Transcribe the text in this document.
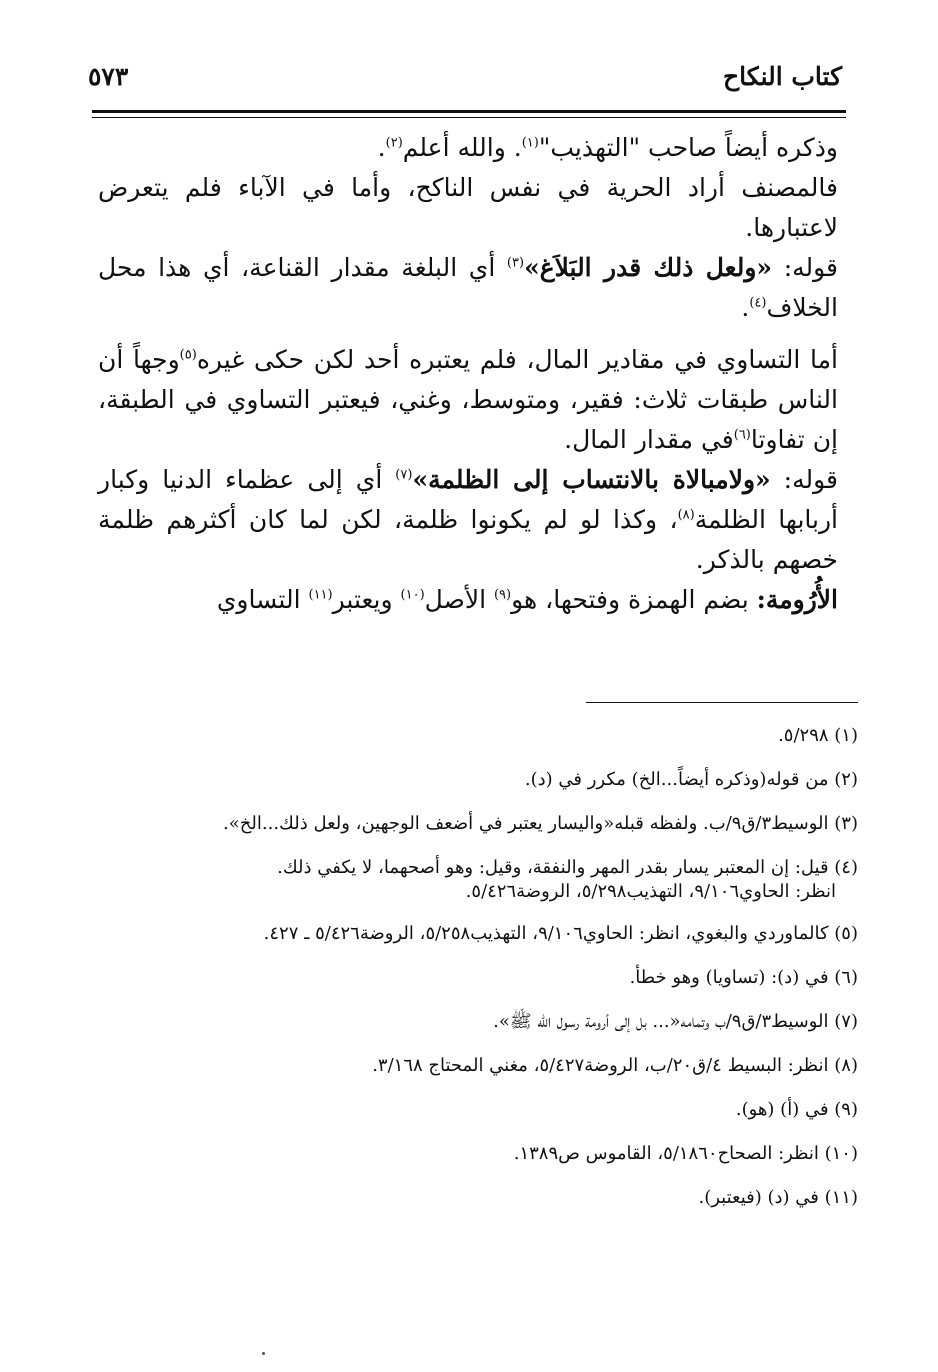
كتاب النكاح
٥٧٣

وذكره أيضاً صاحب "التهذيب"$^{(١)}$. والله أعلم$^{(٢)}$.

فالمصنف أراد الحرية في نفس الناكح، وأما في الآباء فلم يتعرض لاعتبارها.

قوله: «ولعل ذلك قدر البَلاَغ»$^{(٣)}$ أي البلغة مقدار القناعة، أي هذا محل الخلاف$^{(٤)}$.

أما التساوي في مقادير المال، فلم يعتبره أحد لكن حكى غيره$^{(٥)}$وجهاً أن الناس طبقات ثلاث: فقير، ومتوسط، وغني، فيعتبر التساوي في الطبقة، إن تفاوتا$^{(٦)}$في مقدار المال.

قوله: «ولامبالاة بالانتساب إلى الظلمة»$^{(٧)}$ أي إلى عظماء الدنيا وكبار أربابها الظلمة$^{(٨)}$، وكذا لو لم يكونوا ظلمة، لكن لما كان أكثرهم ظلمة خصهم بالذكر.

الأُرُومة: بضم الهمزة وفتحها، هو$^{(٩)}$ الأصل$^{(١٠)}$ ويعتبر$^{(١١)}$ التساوي

(١) ٥/٢٩٨.
(٢) من قوله(وذكره أيضاً...الخ) مكرر في (د).
(٣) الوسيط٣/ق٩/ب. ولفظه قبله«واليسار يعتبر في أضعف الوجهين، ولعل ذلك...الخ».
(٤) قيل: إن المعتبر يسار بقدر المهر والنفقة، وقيل: وهو أصحهما، لا يكفي ذلك.
انظر: الحاوي٩/١٠٦، التهذيب٥/٢٩٨، الروضة٥/٤٢٦.
(٥) كالماوردي والبغوي، انظر: الحاوي٩/١٠٦، التهذيب٥/٢٥٨، الروضة٥/٤٢٦ ـ ٤٢٧.
(٦) في (د): (تساويا) وهو خطأ.
(٧) الوسيط٣/ق٩/ب وتمامه«... بل إلى أرومة رسول الله ﷺ».
(٨) انظر: البسيط ٤/ق٢٠/ب، الروضة٥/٤٢٧، مغني المحتاج ٣/١٦٨.
(٩) في (أ) (هو).
(١٠) انظر: الصحاح٥/١٨٦٠، القاموس ص١٣٨٩.
(١١) في (د) (فيعتبر).
